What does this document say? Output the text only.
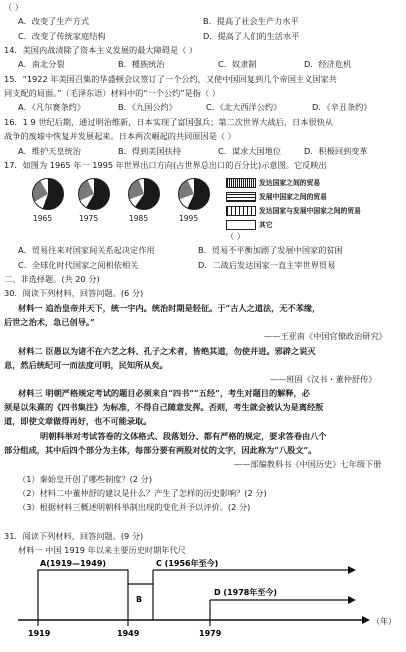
（ ）
A．改变了生产方式	B．提高了社会生产力水平
C．改变了传统家庭结构	D．提高了人们的生活水平
14．美国内战清除了资本主义发展的最大障碍是（ ）
A．南北分裂	B．種族统治	C．奴隶制	D．经济危机
15．“1922 年美国召集的华盛顿会议签订了一个公约，又使中国回复到几个帝国主义国家共
同支配的局面。”（毛泽东语）材料中的“一个公约”是指（ ）
A．《凡尔赛条约》	B．《九国公约》	C．《北大西洋公约》	D．《辛丑条约》
16．1 9 世纪后期，通过明治维新，日本实现了富国强兵；第二次世界大战后，日本很快从
战争的废墟中恢复并发展起来。日本两次崛起的共同原因是（ ）
A．维护天皇统治	B．得到美国扶持	C．谋求大国地位	D．积极回到变革
17．如图为 1965 年一 1995 年世界出口方向(占世界总出口的百分比)示意图。它反映出
1965	1975	1985	1995
发达国家之间的贸易
发展中国家之间的贸易
发达国家与发展中国家之间的贸易
其它
（ ）
A．贸易往来对国家间关系起决定作用	B．贸易不平衡加剧了发展中国家的贫困
C．全球化时代国家之间相依相关	D．二战后发达国家一直主宰世界贸易
二、非选择题。(共 20 分)
30．阅读下列材料，回答问题。(6 分)
材料一 追治皇帝并天下，统一宇内。统治时期是轻征。于“古人之道法，无不苯缘，
后世之治术，急已创导。”
——王亚南《中国官僚政治研究》
材料二 臣愚以为诸不在六艺之科、孔子之术者，皆绝其道，勿使并进。邪辟之说灭
息，然后统纪可一而法度可明，民知所从矣。
——班固《汉书・董仲舒传》
材料三 明朝严格规定考试的题目必须来自“四书”“五经”，考生对题目的解释，必
须是以朱熹的《四书集注》为标准，不得自己随意发挥。否则，考生就会被认为是离经叛
道，即使文章做得再好，也不可能录取。
明朝科举对考试答卷的文体格式、段落划分、都有严格的规定，要求答卷由八个
部分组成，其中后四个部分为主体，每部分要有两股对仗的文字，因此称为“八股文”。
——部编教科书《中国历史》七年级下册
（1）秦始皇开创了哪些制度？(2 分)
（2）材料二中董仲舒的建议是什么？产生了怎样的历史影响？(2 分)
（3）根据材料三概述明朝科举制出现的变化并予以评价。(2 分)
31．阅读下列材料，回答问题。(9 分)
材料一 中国 1919 年以来主要历史时期年代尺
A(1919—1949)
B
C (1956年至今)
D (1978年至今)
1919	1949	1979
（年）
